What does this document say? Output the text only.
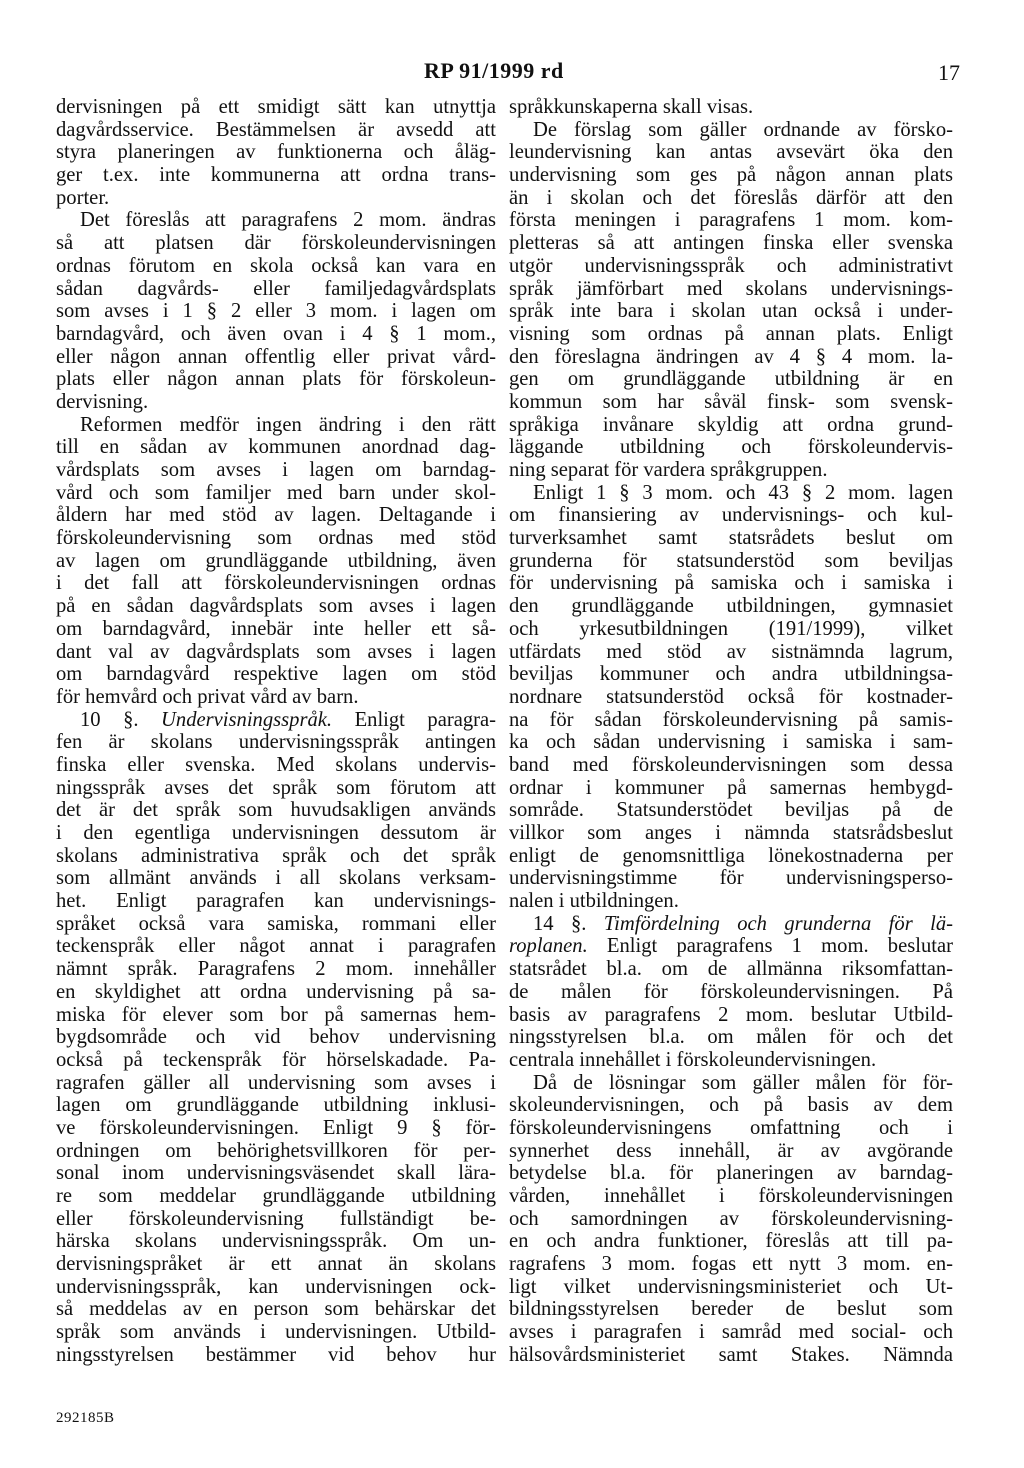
RP 91/1999 rd	17
dervisningen på ett smidigt sätt kan utnyttja
dagvårdsservice. Bestämmelsen är avsedd att
styra planeringen av funktionerna och åläg-
ger t.ex. inte kommunerna att ordna trans-
porter.
Det föreslås att paragrafens 2 mom. ändras
så att platsen där förskoleundervisningen
ordnas förutom en skola också kan vara en
sådan dagvårds- eller familjedagvårdsplats
som avses i 1 § 2 eller 3 mom. i lagen om
barndagvård, och även ovan i 4 § 1 mom.,
eller någon annan offentlig eller privat vård-
plats eller någon annan plats för förskoleun-
dervisning.
Reformen medför ingen ändring i den rätt
till en sådan av kommunen anordnad dag-
vårdsplats som avses i lagen om barndag-
vård och som familjer med barn under skol-
åldern har med stöd av lagen. Deltagande i
förskoleundervisning som ordnas med stöd
av lagen om grundläggande utbildning, även
i det fall att förskoleundervisningen ordnas
på en sådan dagvårdsplats som avses i lagen
om barndagvård, innebär inte heller ett så-
dant val av dagvårdsplats som avses i lagen
om barndagvård respektive lagen om stöd
för hemvård och privat vård av barn.
10 §. Undervisningsspråk. Enligt paragra-
fen är skolans undervisningsspråk antingen
finska eller svenska. Med skolans undervis-
ningsspråk avses det språk som förutom att
det är det språk som huvudsakligen används
i den egentliga undervisningen dessutom är
skolans administrativa språk och det språk
som allmänt används i all skolans verksam-
het. Enligt paragrafen kan undervisnings-
språket också vara samiska, rommani eller
teckenspråk eller något annat i paragrafen
nämnt språk. Paragrafens 2 mom. innehåller
en skyldighet att ordna undervisning på sa-
miska för elever som bor på samernas hem-
bygdsområde och vid behov undervisning
också på teckenspråk för hörselskadade. Pa-
ragrafen gäller all undervisning som avses i
lagen om grundläggande utbildning inklusi-
ve förskoleundervisningen. Enligt 9 § för-
ordningen om behörighetsvillkoren för per-
sonal inom undervisningsväsendet skall lära-
re som meddelar grundläggande utbildning
eller förskoleundervisning fullständigt be-
härska skolans undervisningsspråk. Om un-
dervisningspråket är ett annat än skolans
undervisningsspråk, kan undervisningen ock-
så meddelas av en person som behärskar det
språk som används i undervisningen. Utbild-
ningsstyrelsen bestämmer vid behov hur
språkkunskaperna skall visas.
De förslag som gäller ordnande av försko-
leundervisning kan antas avsevärt öka den
undervisning som ges på någon annan plats
än i skolan och det föreslås därför att den
första meningen i paragrafens 1 mom. kom-
pletteras så att antingen finska eller svenska
utgör undervisningsspråk och administrativt
språk jämförbart med skolans undervisnings-
språk inte bara i skolan utan också i under-
visning som ordnas på annan plats. Enligt
den föreslagna ändringen av 4 § 4 mom. la-
gen om grundläggande utbildning är en
kommun som har såväl finsk- som svensk-
språkiga invånare skyldig att ordna grund-
läggande utbildning och förskoleundervis-
ning separat för vardera språkgruppen.
Enligt 1 § 3 mom. och 43 § 2 mom. lagen
om finansiering av undervisnings- och kul-
turverksamhet samt statsrådets beslut om
grunderna för statsunderstöd som beviljas
för undervisning på samiska och i samiska i
den grundläggande utbildningen, gymnasiet
och yrkesutbildningen (191/1999), vilket
utfärdats med stöd av sistnämnda lagrum,
beviljas kommuner och andra utbildningsa-
nordnare statsunderstöd också för kostnader-
na för sådan förskoleundervisning på samis-
ka och sådan undervisning i samiska i sam-
band med förskoleundervisningen som dessa
ordnar i kommuner på samernas hembygd-
sområde. Statsunderstödet beviljas på de
villkor som anges i nämnda statsrådsbeslut
enligt de genomsnittliga lönekostnaderna per
undervisningstimme för undervisningsperso-
nalen i utbildningen.
14 §. Timfördelning och grunderna för lä-
roplanen. Enligt paragrafens 1 mom. beslutar
statsrådet bl.a. om de allmänna riksomfattan-
de målen för förskoleundervisningen. På
basis av paragrafens 2 mom. beslutar Utbild-
ningsstyrelsen bl.a. om målen för och det
centrala innehållet i förskoleundervisningen.
Då de lösningar som gäller målen för för-
skoleundervisningen, och på basis av dem
förskoleundervisningens omfattning och i
synnerhet dess innehåll, är av avgörande
betydelse bl.a. för planeringen av barndag-
vården, innehållet i förskoleundervisningen
och samordningen av förskoleundervisning-
en och andra funktioner, föreslås att till pa-
ragrafens 3 mom. fogas ett nytt 3 mom. en-
ligt vilket undervisningsministeriet och Ut-
bildningsstyrelsen bereder de beslut som
avses i paragrafen i samråd med social- och
hälsovårdsministeriet samt Stakes. Nämnda
292185B
